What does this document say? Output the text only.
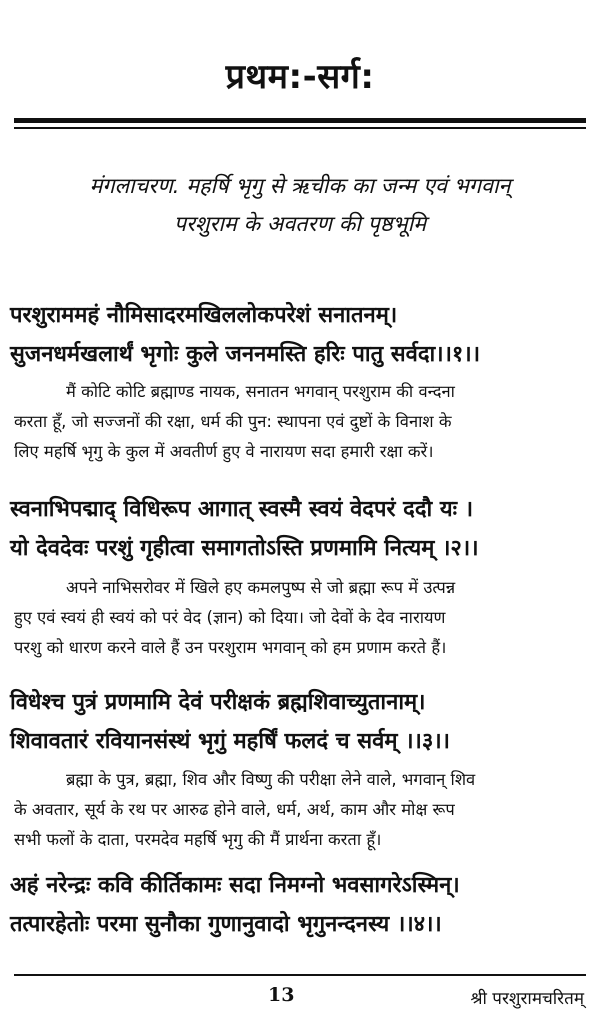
प्रथम:-सर्ग:
मंगलाचरण. महर्षि भृगु से ऋचीक का जन्म एवं भगवान्
परशुराम के अवतरण की पृष्ठभूमि
परशुराममहं नौमिसादरमखिललोकपरेशं सनातनम्।
सुजनधर्मखलार्थं भृगोः कुले जननमस्ति हरिः पातु सर्वदा।।१।।
मैं कोटि कोटि ब्रह्माण्ड नायक, सनातन भगवान् परशुराम की वन्दना
करता हूँ, जो सज्जनों की रक्षा, धर्म की पुन: स्थापना एवं दुष्टों के विनाश के
लिए महर्षि भृगु के कुल में अवतीर्ण हुए वे नारायण सदा हमारी रक्षा करें।
स्वनाभिपद्माद् विधिरूप आगात् स्वस्मै स्वयं वेदपरं ददौ यः ।
यो देवदेवः परशुं गृहीत्वा समागतोऽस्ति प्रणमामि नित्यम् ।२।।
अपने नाभिसरोवर में खिले हए कमलपुष्प से जो ब्रह्मा रूप में उत्पन्न
हुए एवं स्वयं ही स्वयं को परं वेद (ज्ञान) को दिया। जो देवों के देव नारायण
परशु को धारण करने वाले हैं उन परशुराम भगवान् को हम प्रणाम करते हैं।
विधेश्च पुत्रं प्रणमामि देवं परीक्षकं ब्रह्मशिवाच्युतानाम्।
शिवावतारं रवियानसंस्थं भृगुं महर्षिं फलदं च सर्वम् ।।३।।
ब्रह्मा के पुत्र, ब्रह्मा, शिव और विष्णु की परीक्षा लेने वाले, भगवान् शिव
के अवतार, सूर्य के रथ पर आरुढ होने वाले, धर्म, अर्थ, काम और मोक्ष रूप
सभी फलों के दाता, परमदेव महर्षि भृगु की मैं प्रार्थना करता हूँ।
अहं नरेन्द्रः कवि कीर्तिकामः सदा निमग्नो भवसागरेऽस्मिन्।
तत्पारहेतोः परमा सुनौका गुणानुवादो भृगुनन्दनस्य ।।४।।
13	श्री परशुरामचरितम्
